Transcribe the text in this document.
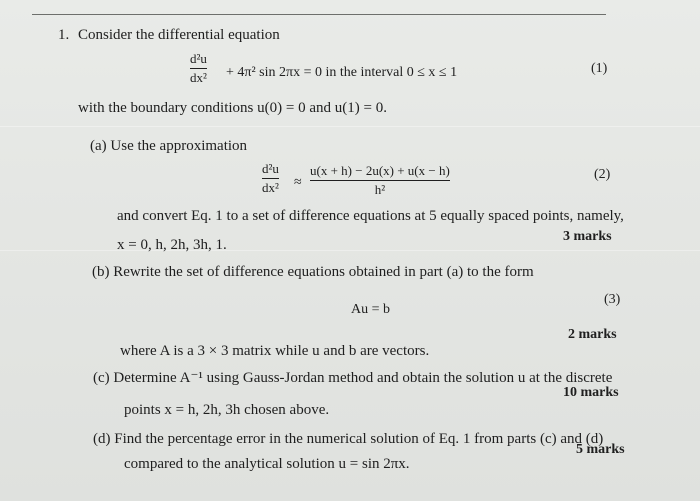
1. Consider the differential equation
d²u
dx² + 4π² sin 2πx = 0 in the interval 0 ≤ x ≤ 1	(1)
with the boundary conditions u(0) = 0 and u(1) = 0.
(a) Use the approximation
d²u
dx² ≈
u(x + h) − 2u(x) + u(x − h)
h²
(2)
and convert Eq. 1 to a set of difference equations at 5 equally spaced points, namely,
x = 0, h, 2h, 3h, 1.
3 marks
(b) Rewrite the set of difference equations obtained in part (a) to the form
Au = b
(3)
2 marks
where A is a 3 × 3 matrix while u and b are vectors.
(c) Determine A⁻¹ using Gauss-Jordan method and obtain the solution u at the discrete
10 marks
points x = h, 2h, 3h chosen above.
(d) Find the percentage error in the numerical solution of Eq. 1 from parts (c) and (d)
5 marks
compared to the analytical solution u = sin 2πx.
